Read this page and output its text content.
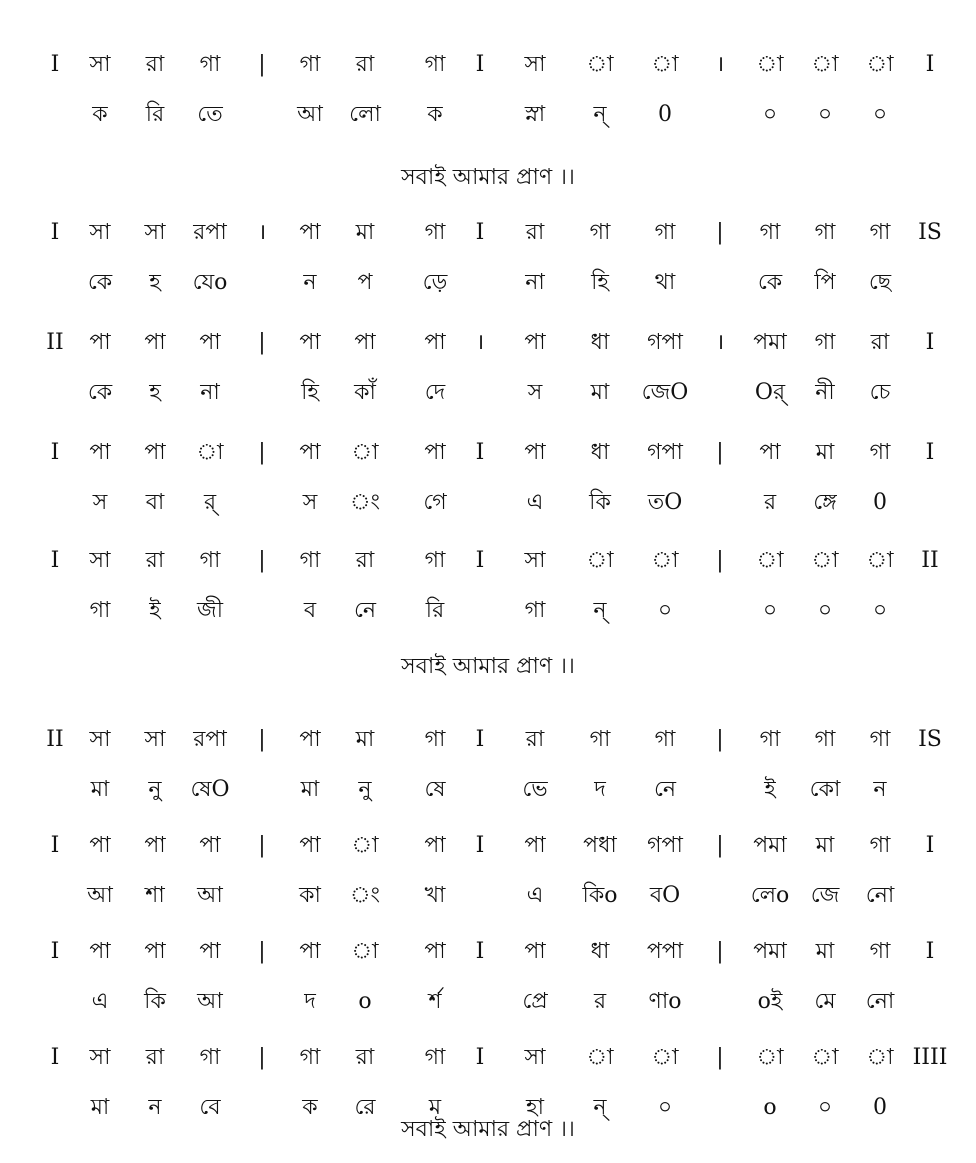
সবাই আমার প্রাণ ।।
সবাই আমার প্রাণ ।।
সবাই আমার প্রাণ ।।
I সা রা গা | গা রা গা I সা া া । া া া I
ক রি তে	আ লো ক	স্না ন্ 0	০ ০ ০
I সা সা রপা । পা মা গা I রা গা গা | গা গা গা IS
কে হ যেo	ন প ড়ে	না হি থা	কে পি ছে
II পা পা পা | পা পা পা । পা ধা গপা । পমা গা রা I
কে হ না	হি কাঁ দে	স মা জেO	Oর্ নী চে
I পা পা া | পা া পা I পা ধা গপা | পা মা গা I
স বা র্	স ং গে	এ কি তO	র ঙ্গে 0
I সা রা গা | গা রা গা I সা া া | া া া II
গা ই জী	ব নে রি	গা ন্ ০	০ ০ ০
II সা সা রপা | পা মা গা I রা গা গা | গা গা গা IS
মা নু ষেO	মা নু ষে	ভে দ নে	ই কো ন
I পা পা পা | পা া পা I পা পধা গপা | পমা মা গা I
আ শা আ	কা ং খা	এ কিo বO	লেo জে নো
I পা পা পা | পা া পা I পা ধা পপা | পমা মা গা I
এ কি আ	দ o	র্শ	প্রে র ণাo	oই মে নো
I সা রা গা | গা রা গা I সা া া | া া া IIII
মা ন বে	ক রে ম	হা ন্ ০	o ০ 0
